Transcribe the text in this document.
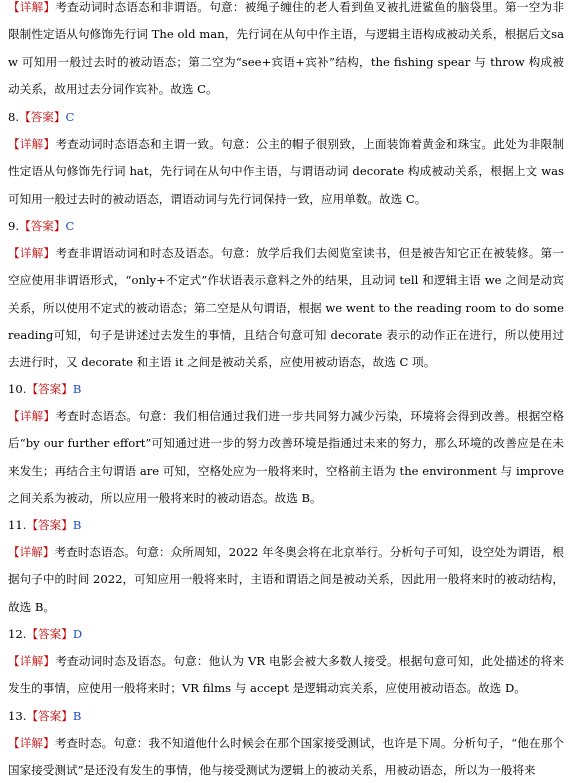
【详解】考查动词时态语态和非谓语。句意：被绳子缠住的老人看到鱼叉被扎进鲨鱼的脑袋里。第一空为非限制性定语从句修饰先行词 The old man，先行词在从句中作主语，与逻辑主语构成被动关系，根据后文saw 可知用一般过去时的被动语态；第二空为“see+宾语+宾补”结构，the fishing spear 与 throw 构成被动关系，故用过去分词作宾补。故选 C。

8.【答案】C

【详解】考查动词时态语态和主谓一致。句意：公主的帽子很别致，上面装饰着黄金和珠宝。此处为非限制性定语从句修饰先行词 hat，先行词在从句中作主语，与谓语动词 decorate 构成被动关系，根据上文 was可知用一般过去时的被动语态，谓语动词与先行词保持一致，应用单数。故选 C。

9.【答案】C

【详解】考查非谓语动词和时态及语态。句意：放学后我们去阅览室读书，但是被告知它正在被装修。第一空应使用非谓语形式，“only+不定式”作状语表示意料之外的结果，且动词 tell 和逻辑主语 we 之间是动宾关系，所以使用不定式的被动语态；第二空是从句谓语，根据 we went to the reading room to do some reading可知，句子是讲述过去发生的事情，且结合句意可知 decorate 表示的动作正在进行，所以使用过去进行时，又 decorate 和主语 it 之间是被动关系，应使用被动语态，故选 C 项。

10.【答案】B

【详解】考查时态语态。句意：我们相信通过我们进一步共同努力减少污染，环境将会得到改善。根据空格后“by our further effort”可知通过进一步的努力改善环境是指通过未来的努力，那么环境的改善应是在未来发生；再结合主句谓语 are 可知，空格处应为一般将来时，空格前主语为 the environment 与 improve 之间关系为被动，所以应用一般将来时的被动语态。故选 B。

11.【答案】B

【详解】考查时态语态。句意：众所周知，2022 年冬奥会将在北京举行。分析句子可知，设空处为谓语，根据句子中的时间 2022，可知应用一般将来时，主语和谓语之间是被动关系，因此用一般将来时的被动结构，故选 B。

12.【答案】D

【详解】考查动词时态及语态。句意：他认为 VR 电影会被大多数人接受。根据句意可知，此处描述的将来发生的事情，应使用一般将来时；VR films 与 accept 是逻辑动宾关系，应使用被动语态。故选 D。

13.【答案】B

【详解】考查时态。句意：我不知道他什么时候会在那个国家接受测试，也许是下周。分析句子，“他在那个国家接受测试”是还没有发生的事情，他与接受测试为逻辑上的被动关系，用被动语态，所以为一般将来
